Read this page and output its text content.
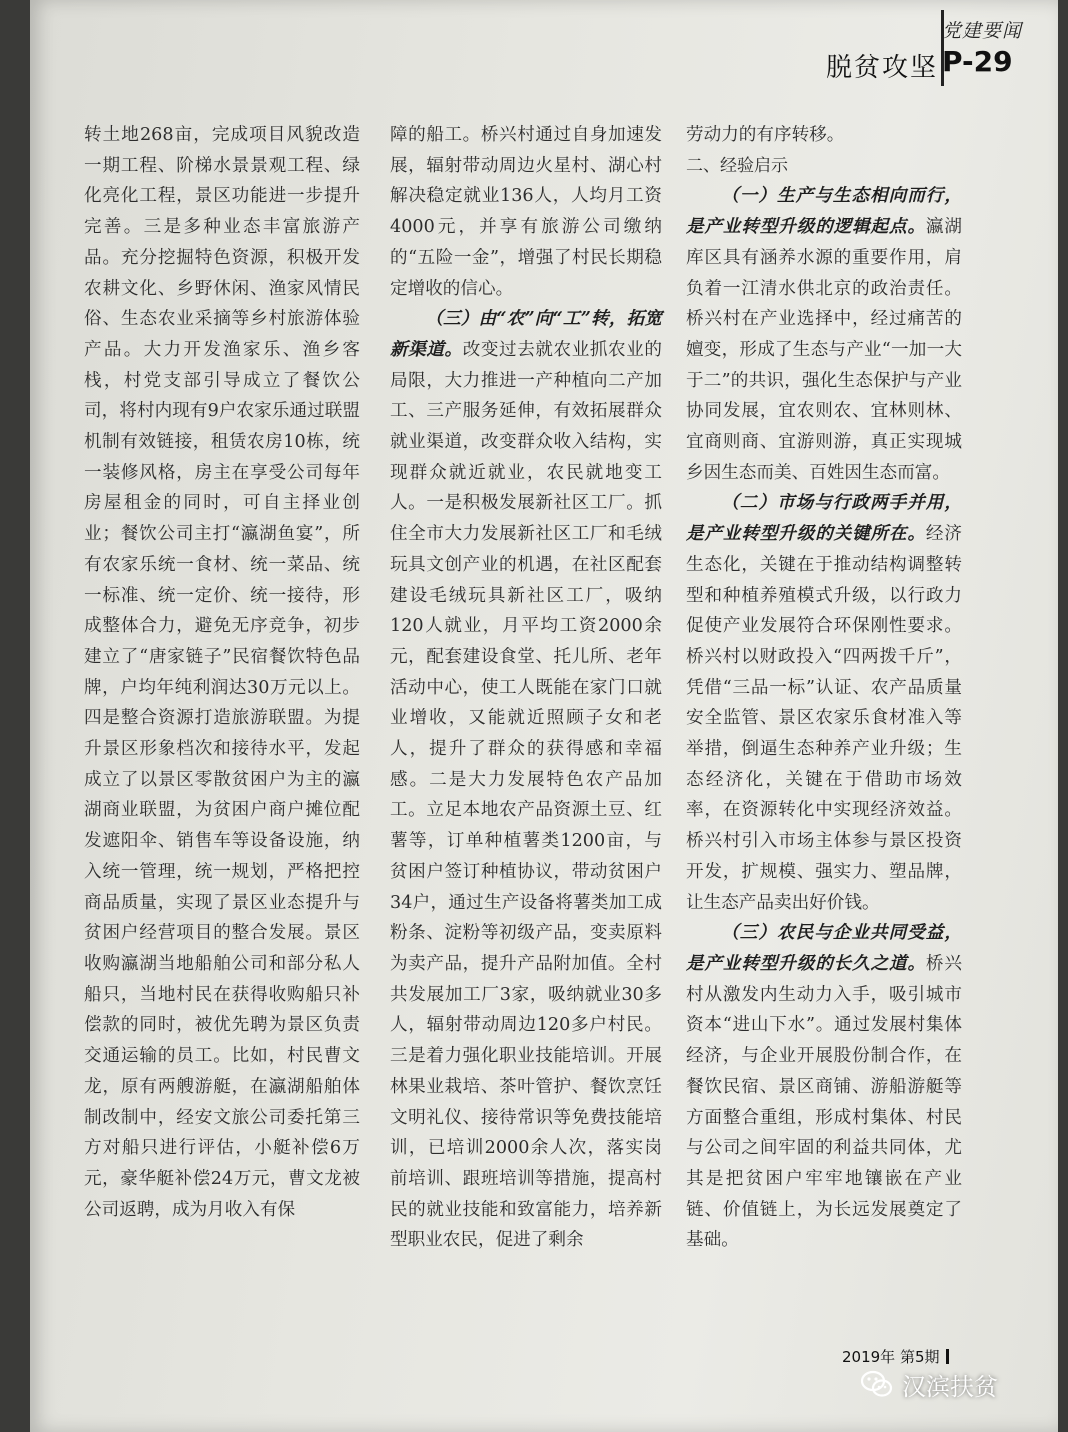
脱贫攻坚
党建要闻
P-29

转土地268亩，完成项目风貌改造一期工程、阶梯水景景观工程、绿化亮化工程，景区功能进一步提升完善。三是多种业态丰富旅游产品。充分挖掘特色资源，积极开发农耕文化、乡野休闲、渔家风情民俗、生态农业采摘等乡村旅游体验产品。大力开发渔家乐、渔乡客栈，村党支部引导成立了餐饮公司，将村内现有9户农家乐通过联盟机制有效链接，租赁农房10栋，统一装修风格，房主在享受公司每年房屋租金的同时，可自主择业创业；餐饮公司主打“瀛湖鱼宴”，所有农家乐统一食材、统一菜品、统一标准、统一定价、统一接待，形成整体合力，避免无序竞争，初步建立了“唐家链子”民宿餐饮特色品牌，户均年纯利润达30万元以上。四是整合资源打造旅游联盟。为提升景区形象档次和接待水平，发起成立了以景区零散贫困户为主的瀛湖商业联盟，为贫困户商户摊位配发遮阳伞、销售车等设备设施，纳入统一管理，统一规划，严格把控商品质量，实现了景区业态提升与贫困户经营项目的整合发展。景区收购瀛湖当地船舶公司和部分私人船只，当地村民在获得收购船只补偿款的同时，被优先聘为景区负责交通运输的员工。比如，村民曹文龙，原有两艘游艇，在瀛湖船舶体制改制中，经安文旅公司委托第三方对船只进行评估，小艇补偿6万元，豪华艇补偿24万元，曹文龙被公司返聘，成为月收入有保

障的船工。桥兴村通过自身加速发展，辐射带动周边火星村、湖心村解决稳定就业136人，人均月工资4000元，并享有旅游公司缴纳的“五险一金”，增强了村民长期稳定增收的信心。

（三）由“农”向“工”转，拓宽新渠道。改变过去就农业抓农业的局限，大力推进一产种植向二产加工、三产服务延伸，有效拓展群众就业渠道，改变群众收入结构，实现群众就近就业，农民就地变工人。一是积极发展新社区工厂。抓住全市大力发展新社区工厂和毛绒玩具文创产业的机遇，在社区配套建设毛绒玩具新社区工厂，吸纳120人就业，月平均工资2000余元，配套建设食堂、托儿所、老年活动中心，使工人既能在家门口就业增收，又能就近照顾子女和老人，提升了群众的获得感和幸福感。二是大力发展特色农产品加工。立足本地农产品资源土豆、红薯等，订单种植薯类1200亩，与贫困户签订种植协议，带动贫困户34户，通过生产设备将薯类加工成粉条、淀粉等初级产品，变卖原料为卖产品，提升产品附加值。全村共发展加工厂3家，吸纳就业30多人，辐射带动周边120多户村民。三是着力强化职业技能培训。开展林果业栽培、茶叶管护、餐饮烹饪文明礼仪、接待常识等免费技能培训，已培训2000余人次，落实岗前培训、跟班培训等措施，提高村民的就业技能和致富能力，培养新型职业农民，促进了剩余

劳动力的有序转移。

二、经验启示

（一）生产与生态相向而行，是产业转型升级的逻辑起点。瀛湖库区具有涵养水源的重要作用，肩负着一江清水供北京的政治责任。桥兴村在产业选择中，经过痛苦的嬗变，形成了生态与产业“一加一大于二”的共识，强化生态保护与产业协同发展，宜农则农、宜林则林、宜商则商、宜游则游，真正实现城乡因生态而美、百姓因生态而富。

（二）市场与行政两手并用，是产业转型升级的关键所在。经济生态化，关键在于推动结构调整转型和种植养殖模式升级，以行政力促使产业发展符合环保刚性要求。桥兴村以财政投入“四两拨千斤”，凭借“三品一标”认证、农产品质量安全监管、景区农家乐食材准入等举措，倒逼生态种养产业升级；生态经济化，关键在于借助市场效率，在资源转化中实现经济效益。桥兴村引入市场主体参与景区投资开发，扩规模、强实力、塑品牌，让生态产品卖出好价钱。

（三）农民与企业共同受益，是产业转型升级的长久之道。桥兴村从激发内生动力入手，吸引城市资本“进山下水”。通过发展村集体经济，与企业开展股份制合作，在餐饮民宿、景区商铺、游船游艇等方面整合重组，形成村集体、村民与公司之间牢固的利益共同体，尤其是把贫困户牢牢地镶嵌在产业链、价值链上，为长远发展奠定了基础。

2019年 第5期
汉滨扶贫
